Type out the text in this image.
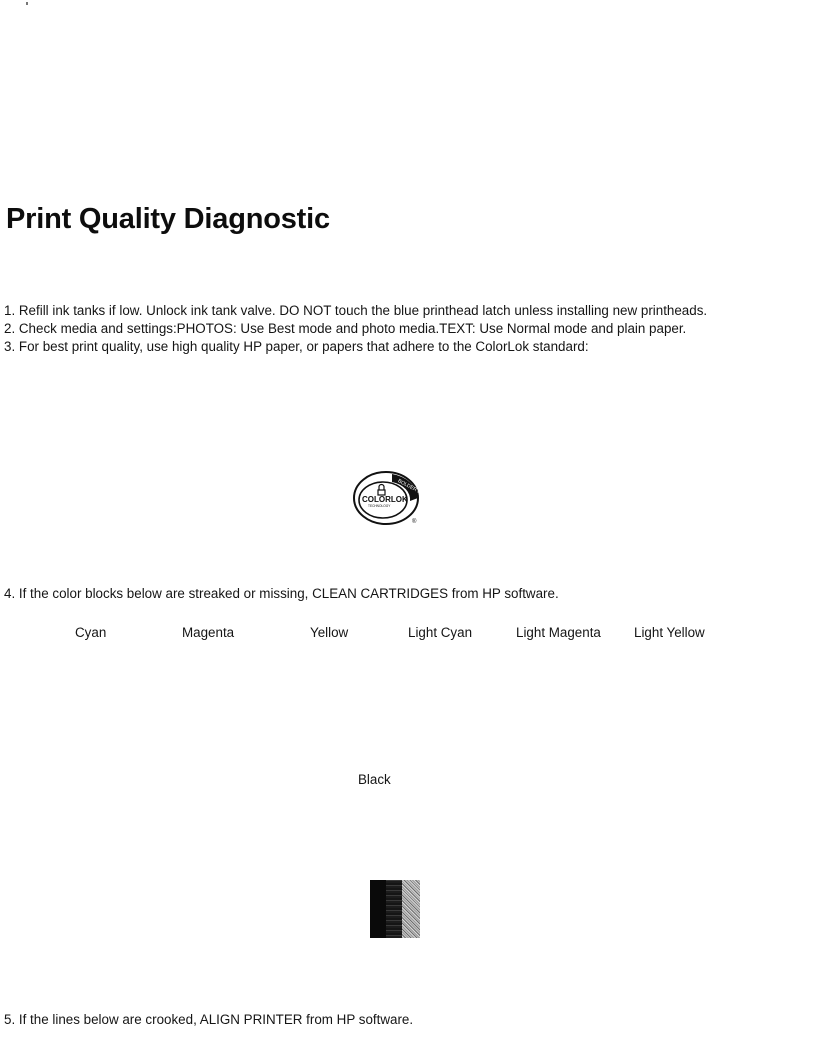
Print Quality Diagnostic
1. Refill ink tanks if low. Unlock ink tank valve. DO NOT touch the blue printhead latch unless installing new printheads.
2. Check media and settings:PHOTOS: Use Best mode and photo media.TEXT: Use Normal mode and plain paper.
3. For best print quality, use high quality HP paper, or papers that adhere to the ColorLok standard:
BOLDER BL
COLORLOK
TECHNOLOGY
®
4. If the color blocks below are streaked or missing, CLEAN CARTRIDGES from HP software.
Cyan	Magenta	Yellow	Light Cyan	Light Magenta Light Yellow
Black
5. If the lines below are crooked, ALIGN PRINTER from HP software.
